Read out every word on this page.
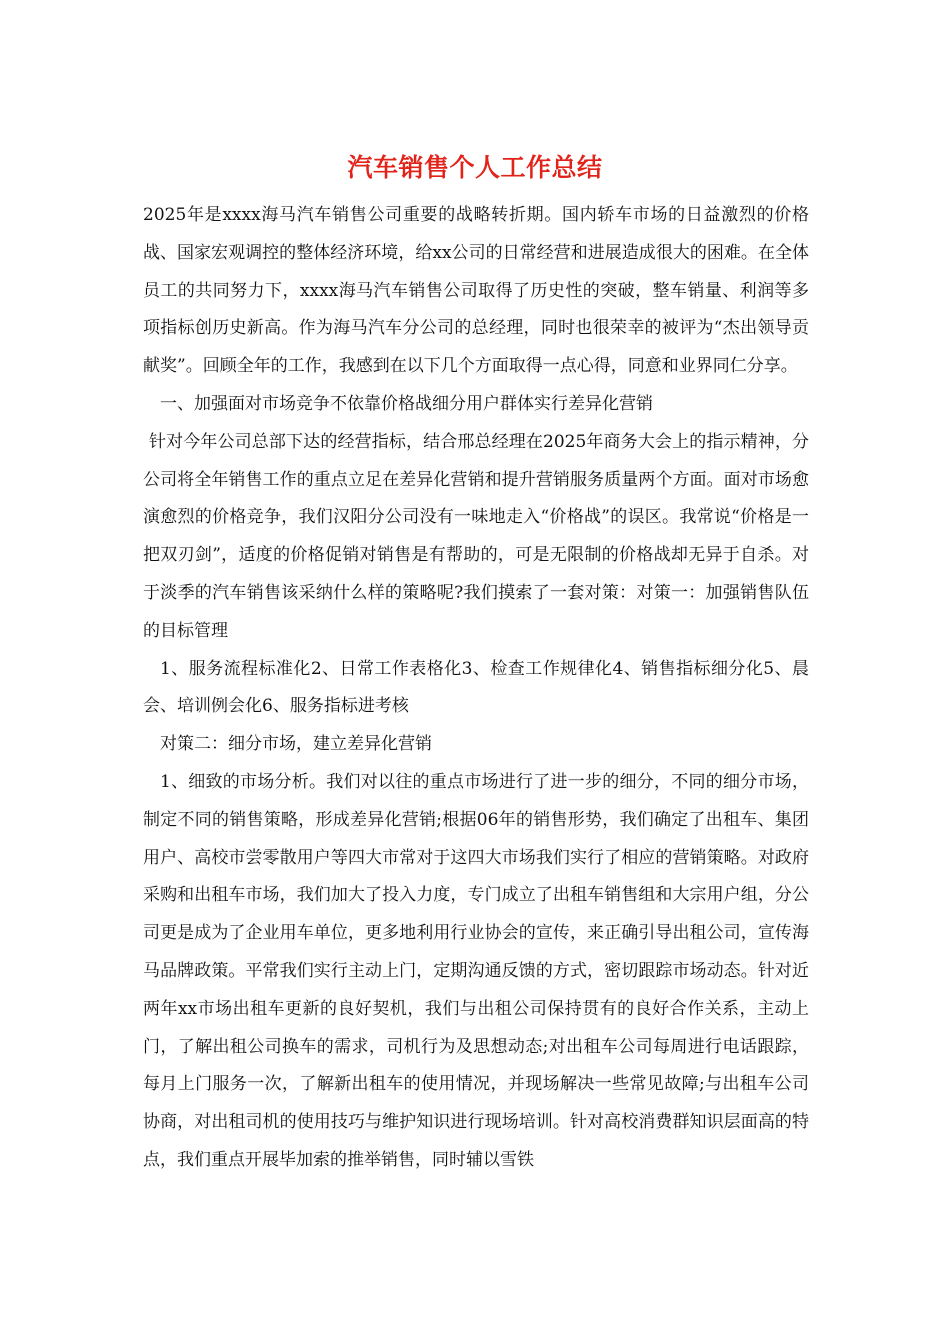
汽车销售个人工作总结

2025年是xxxx海马汽车销售公司重要的战略转折期。国内轿车市场的日益激烈的价格战、国家宏观调控的整体经济环境，给xx公司的日常经营和进展造成很大的困难。在全体员工的共同努力下，xxxx海马汽车销售公司取得了历史性的突破，整车销量、利润等多项指标创历史新高。作为海马汽车分公司的总经理，同时也很荣幸的被评为“杰出领导贡献奖”。回顾全年的工作，我感到在以下几个方面取得一点心得，同意和业界同仁分享。

一、加强面对市场竞争不依靠价格战细分用户群体实行差异化营销

针对今年公司总部下达的经营指标，结合邢总经理在2025年商务大会上的指示精神，分公司将全年销售工作的重点立足在差异化营销和提升营销服务质量两个方面。面对市场愈演愈烈的价格竞争，我们汉阳分公司没有一味地走入“价格战”的误区。我常说“价格是一把双刃剑”，适度的价格促销对销售是有帮助的，可是无限制的价格战却无异于自杀。对于淡季的汽车销售该采纳什么样的策略呢?我们摸索了一套对策：对策一：加强销售队伍的目标管理

1、服务流程标准化2、日常工作表格化3、检查工作规律化4、销售指标细分化5、晨会、培训例会化6、服务指标进考核

对策二：细分市场，建立差异化营销

1、细致的市场分析。我们对以往的重点市场进行了进一步的细分，不同的细分市场，制定不同的销售策略，形成差异化营销;根据06年的销售形势，我们确定了出租车、集团用户、高校市尝零散用户等四大市常对于这四大市场我们实行了相应的营销策略。对政府采购和出租车市场，我们加大了投入力度，专门成立了出租车销售组和大宗用户组，分公司更是成为了企业用车单位，更多地利用行业协会的宣传，来正确引导出租公司，宣传海马品牌政策。平常我们实行主动上门，定期沟通反馈的方式，密切跟踪市场动态。针对近两年xx市场出租车更新的良好契机，我们与出租公司保持贯有的良好合作关系，主动上门，了解出租公司换车的需求，司机行为及思想动态;对出租车公司每周进行电话跟踪，每月上门服务一次，了解新出租车的使用情况，并现场解决一些常见故障;与出租车公司协商，对出租司机的使用技巧与维护知识进行现场培训。针对高校消费群知识层面高的特点，我们重点开展毕加索的推举销售，同时辅以雪铁
